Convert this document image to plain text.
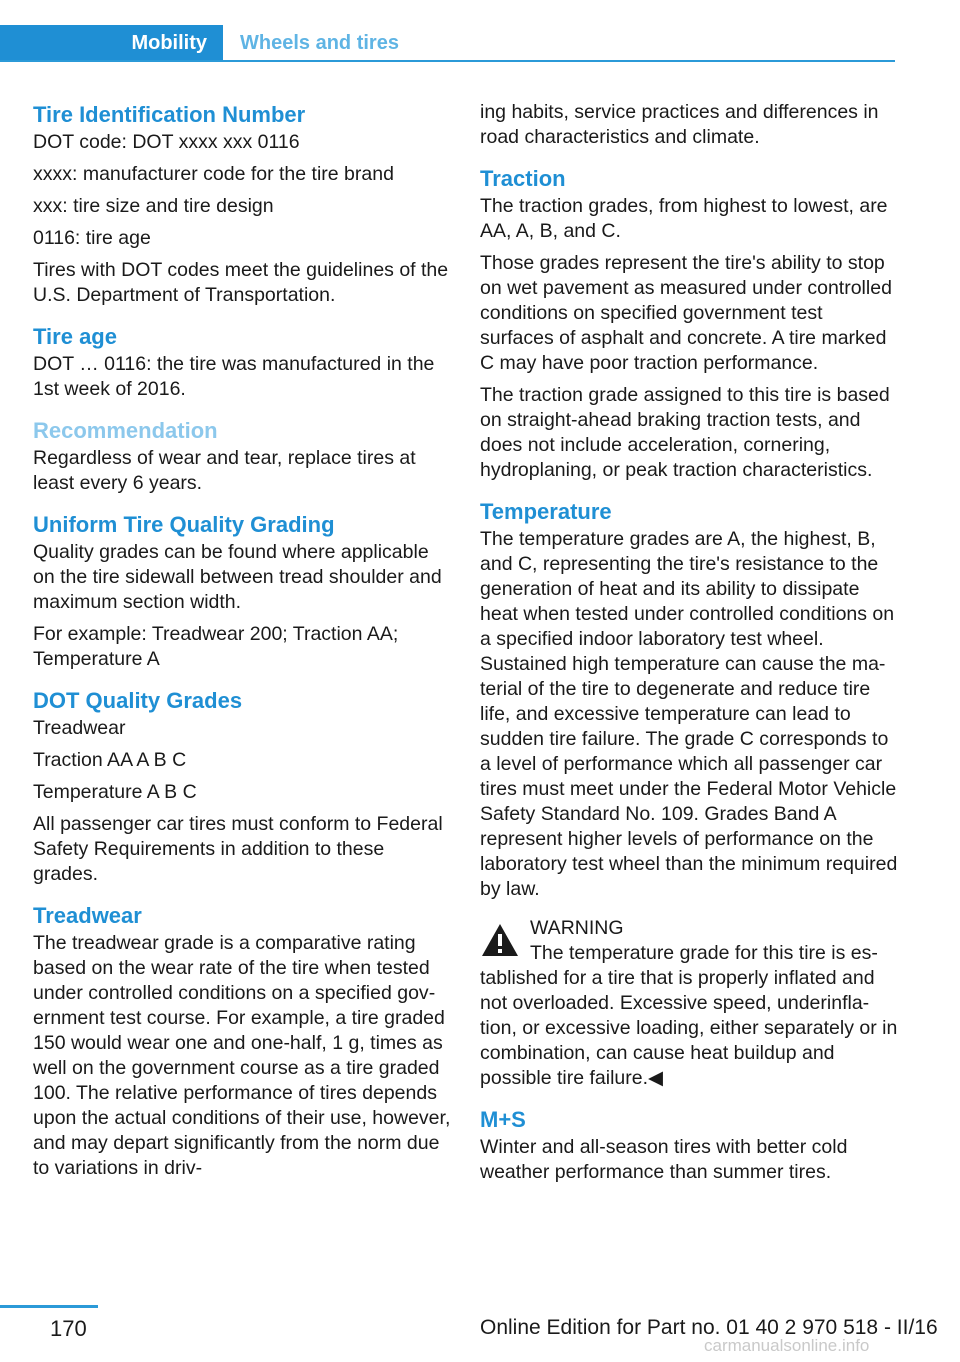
Mobility	Wheels and tires
Tire Identification Number

DOT code: DOT xxxx xxx 0116

xxxx: manufacturer code for the tire brand

xxx: tire size and tire design

0116: tire age

Tires with DOT codes meet the guidelines of the U.S. Department of Transportation.

Tire age

DOT … 0116: the tire was manufactured in the 1st week of 2016.

Recommendation

Regardless of wear and tear, replace tires at least every 6 years.

Uniform Tire Quality Grading

Quality grades can be found where applicable on the tire sidewall between tread shoulder and maximum section width.

For example: Treadwear 200; Traction AA; Temperature A

DOT Quality Grades

Treadwear

Traction AA A B C

Temperature A B C

All passenger car tires must conform to Federal Safety Requirements in addition to these grades.

Treadwear

The treadwear grade is a comparative rating based on the wear rate of the tire when tested under controlled conditions on a specified government test course. For example, a tire graded 150 would wear one and one-half, 1 g, times as well on the government course as a tire graded 100. The relative performance of tires depends upon the actual conditions of their use, however, and may depart significantly from the norm due to variations in driv-

ing habits, service practices and differences in road characteristics and climate.

Traction

The traction grades, from highest to lowest, are AA, A, B, and C.

Those grades represent the tire's ability to stop on wet pavement as measured under controlled conditions on specified government test surfaces of asphalt and concrete. A tire marked C may have poor traction performance.

The traction grade assigned to this tire is based on straight-ahead braking traction tests, and does not include acceleration, cornering, hydroplaning, or peak traction characteristics.

Temperature

The temperature grades are A, the highest, B, and C, representing the tire's resistance to the generation of heat and its ability to dissipate heat when tested under controlled conditions on a specified indoor laboratory test wheel. Sustained high temperature can cause the material of the tire to degenerate and reduce tire life, and excessive temperature can lead to sudden tire failure. The grade C corresponds to a level of performance which all passenger car tires must meet under the Federal Motor Vehicle Safety Standard No. 109. Grades Band A represent higher levels of performance on the laboratory test wheel than the minimum required by law.

WARNING

The temperature grade for this tire is es-

tablished for a tire that is properly inflated and not overloaded. Excessive speed, underinflation, or excessive loading, either separately or in combination, can cause heat buildup and possible tire failure.◀

M+S

Winter and all-season tires with better cold weather performance than summer tires.

170	Online Edition for Part no. 01 40 2 970 518 - II/16
carmanualsonline.info
